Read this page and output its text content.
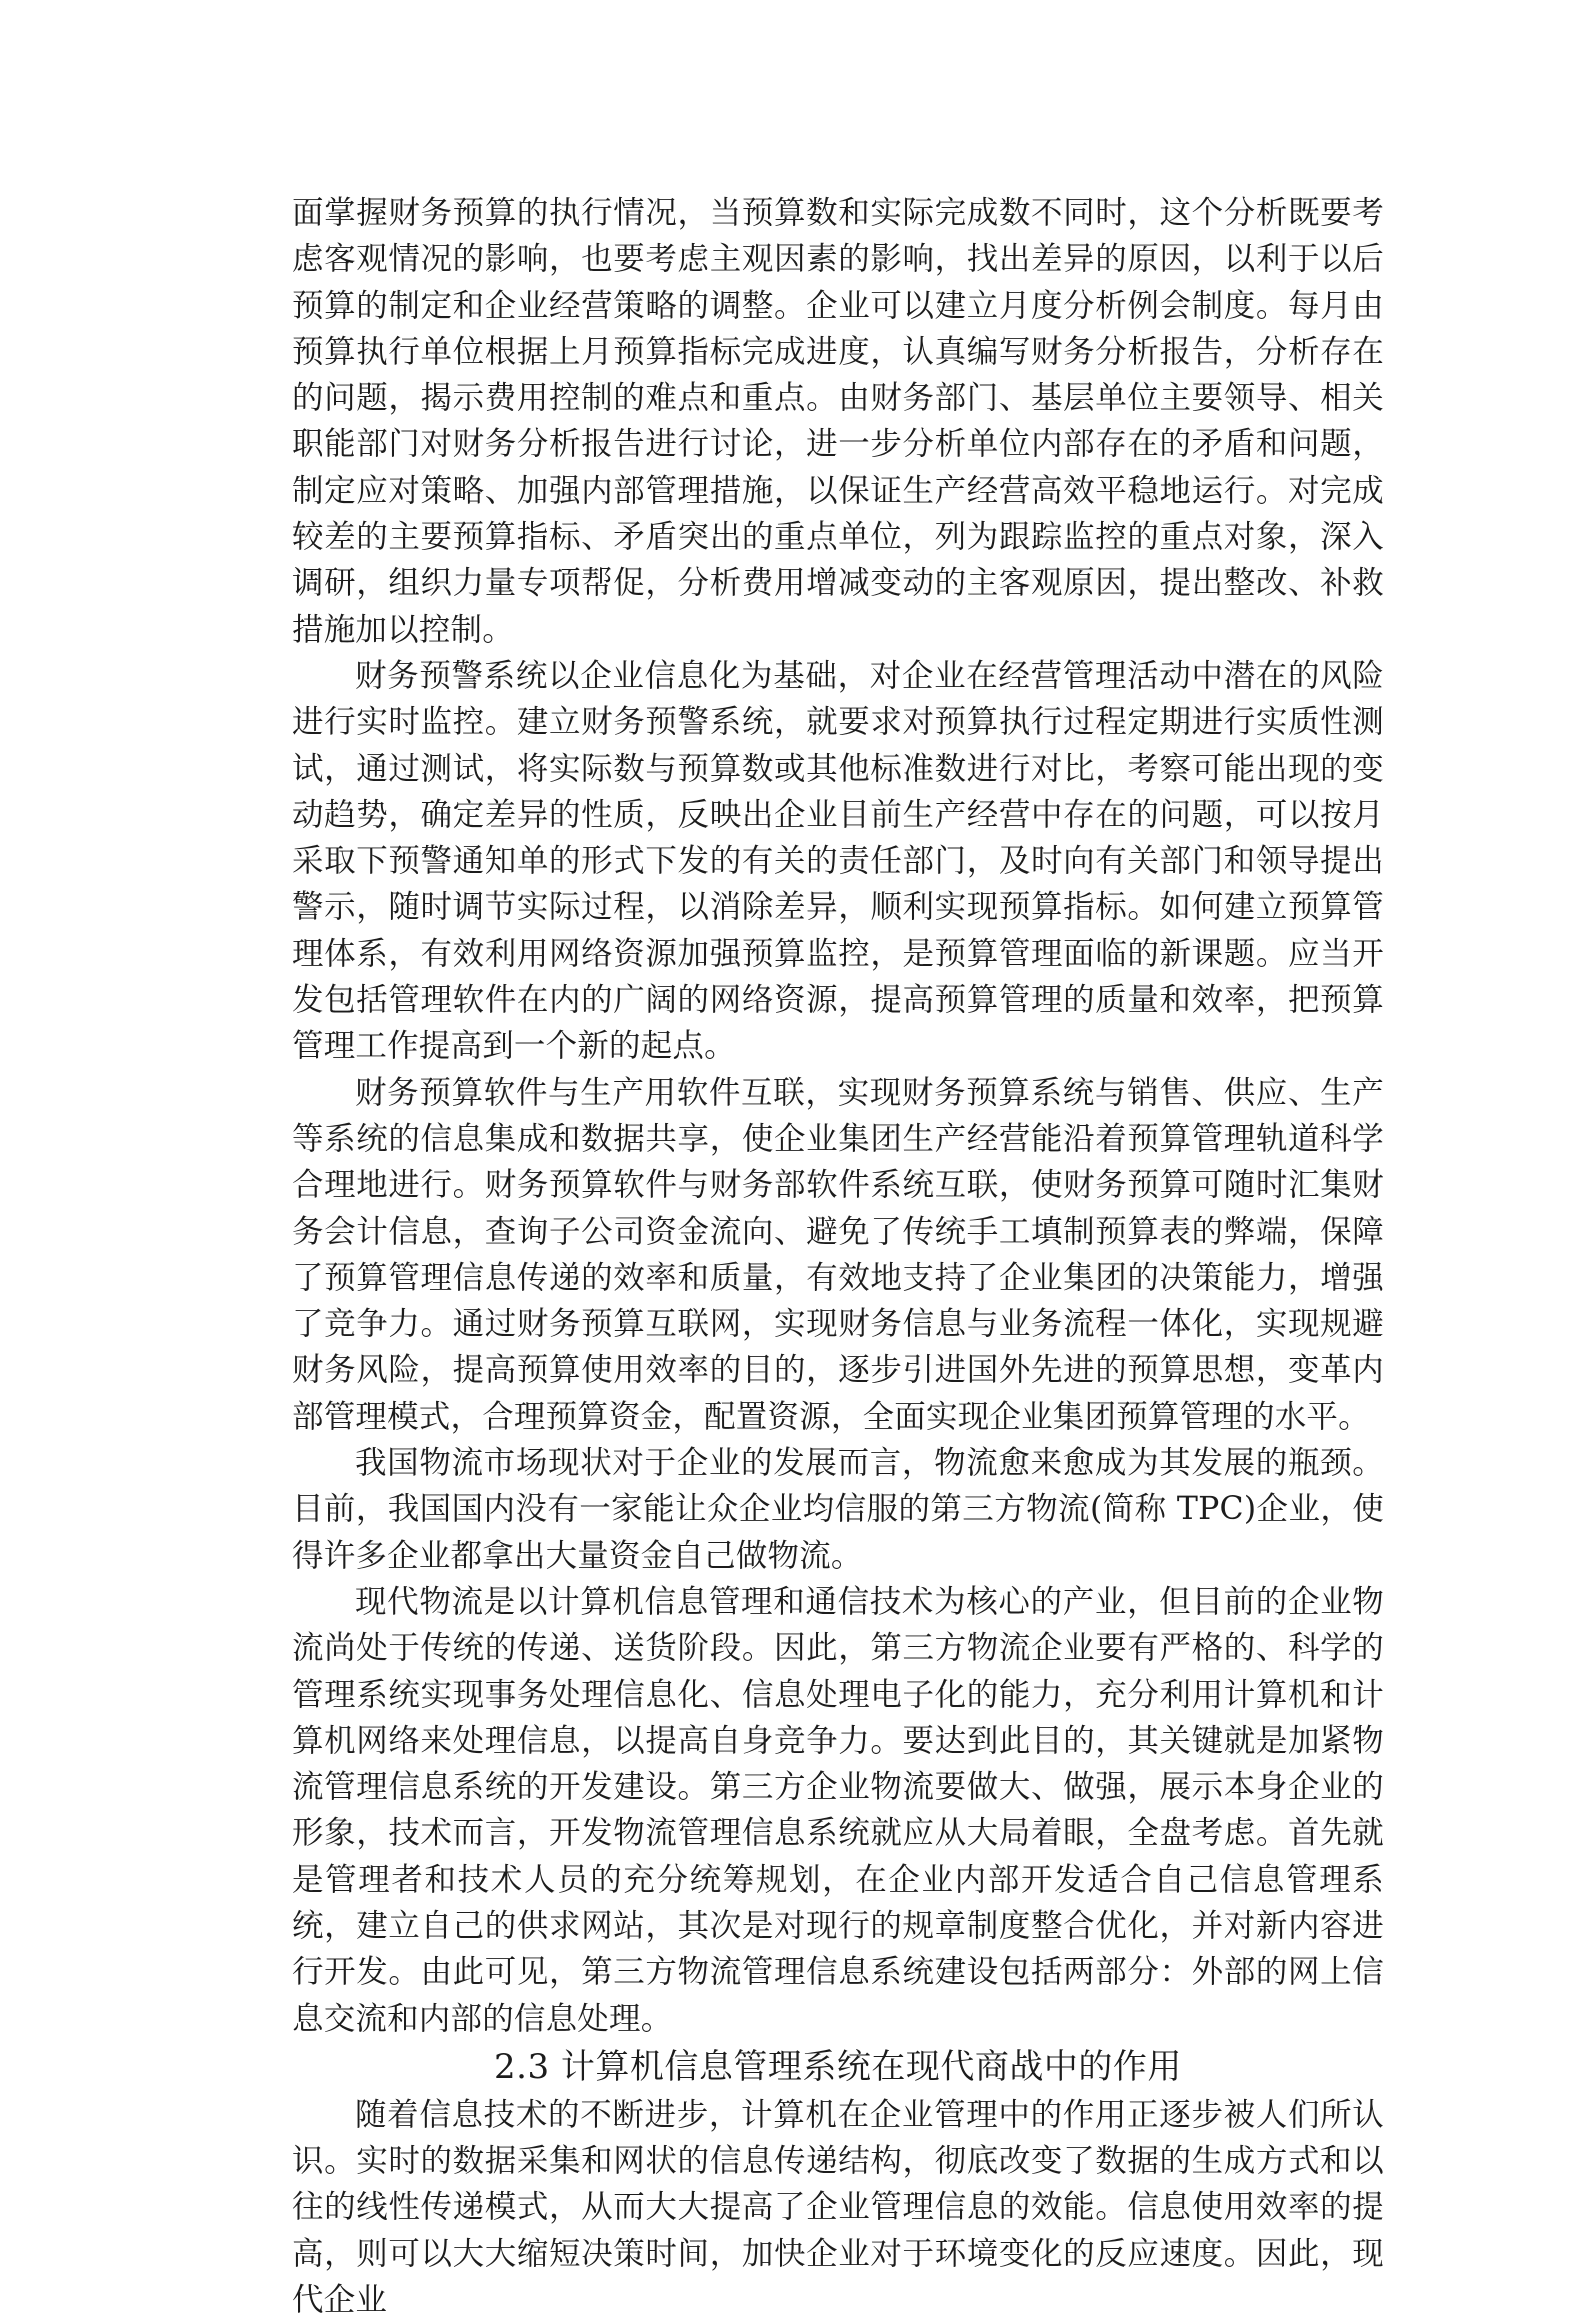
面掌握财务预算的执行情况，当预算数和实际完成数不同时，这个分析既要考虑客观情况的影响，也要考虑主观因素的影响，找出差异的原因，以利于以后预算的制定和企业经营策略的调整。企业可以建立月度分析例会制度。每月由预算执行单位根据上月预算指标完成进度，认真编写财务分析报告，分析存在的问题，揭示费用控制的难点和重点。由财务部门、基层单位主要领导、相关职能部门对财务分析报告进行讨论，进一步分析单位内部存在的矛盾和问题，制定应对策略、加强内部管理措施，以保证生产经营高效平稳地运行。对完成较差的主要预算指标、矛盾突出的重点单位，列为跟踪监控的重点对象，深入调研，组织力量专项帮促，分析费用增减变动的主客观原因，提出整改、补救措施加以控制。

财务预警系统以企业信息化为基础，对企业在经营管理活动中潜在的风险进行实时监控。建立财务预警系统，就要求对预算执行过程定期进行实质性测试，通过测试，将实际数与预算数或其他标准数进行对比，考察可能出现的变动趋势，确定差异的性质，反映出企业目前生产经营中存在的问题，可以按月采取下预警通知单的形式下发的有关的责任部门，及时向有关部门和领导提出警示，随时调节实际过程，以消除差异，顺利实现预算指标。如何建立预算管理体系，有效利用网络资源加强预算监控，是预算管理面临的新课题。应当开发包括管理软件在内的广阔的网络资源，提高预算管理的质量和效率，把预算管理工作提高到一个新的起点。

财务预算软件与生产用软件互联，实现财务预算系统与销售、供应、生产等系统的信息集成和数据共享，使企业集团生产经营能沿着预算管理轨道科学合理地进行。财务预算软件与财务部软件系统互联，使财务预算可随时汇集财务会计信息，查询子公司资金流向、避免了传统手工填制预算表的弊端，保障了预算管理信息传递的效率和质量，有效地支持了企业集团的决策能力，增强了竞争力。通过财务预算互联网，实现财务信息与业务流程一体化，实现规避财务风险，提高预算使用效率的目的，逐步引进国外先进的预算思想，变革内部管理模式，合理预算资金，配置资源，全面实现企业集团预算管理的水平。

我国物流市场现状对于企业的发展而言，物流愈来愈成为其发展的瓶颈。目前，我国国内没有一家能让众企业均信服的第三方物流(简称 TPC)企业，使得许多企业都拿出大量资金自己做物流。

现代物流是以计算机信息管理和通信技术为核心的产业，但目前的企业物流尚处于传统的传递、送货阶段。因此，第三方物流企业要有严格的、科学的管理系统实现事务处理信息化、信息处理电子化的能力，充分利用计算机和计算机网络来处理信息，以提高自身竞争力。要达到此目的，其关键就是加紧物流管理信息系统的开发建设。第三方企业物流要做大、做强，展示本身企业的形象，技术而言，开发物流管理信息系统就应从大局着眼，全盘考虑。首先就是管理者和技术人员的充分统筹规划，在企业内部开发适合自己信息管理系统，建立自己的供求网站，其次是对现行的规章制度整合优化，并对新内容进行开发。由此可见，第三方物流管理信息系统建设包括两部分：外部的网上信息交流和内部的信息处理。

2.3 计算机信息管理系统在现代商战中的作用

随着信息技术的不断进步，计算机在企业管理中的作用正逐步被人们所认识。实时的数据采集和网状的信息传递结构，彻底改变了数据的生成方式和以往的线性传递模式，从而大大提高了企业管理信息的效能。信息使用效率的提高，则可以大大缩短决策时间，加快企业对于环境变化的反应速度。因此，现代企业
